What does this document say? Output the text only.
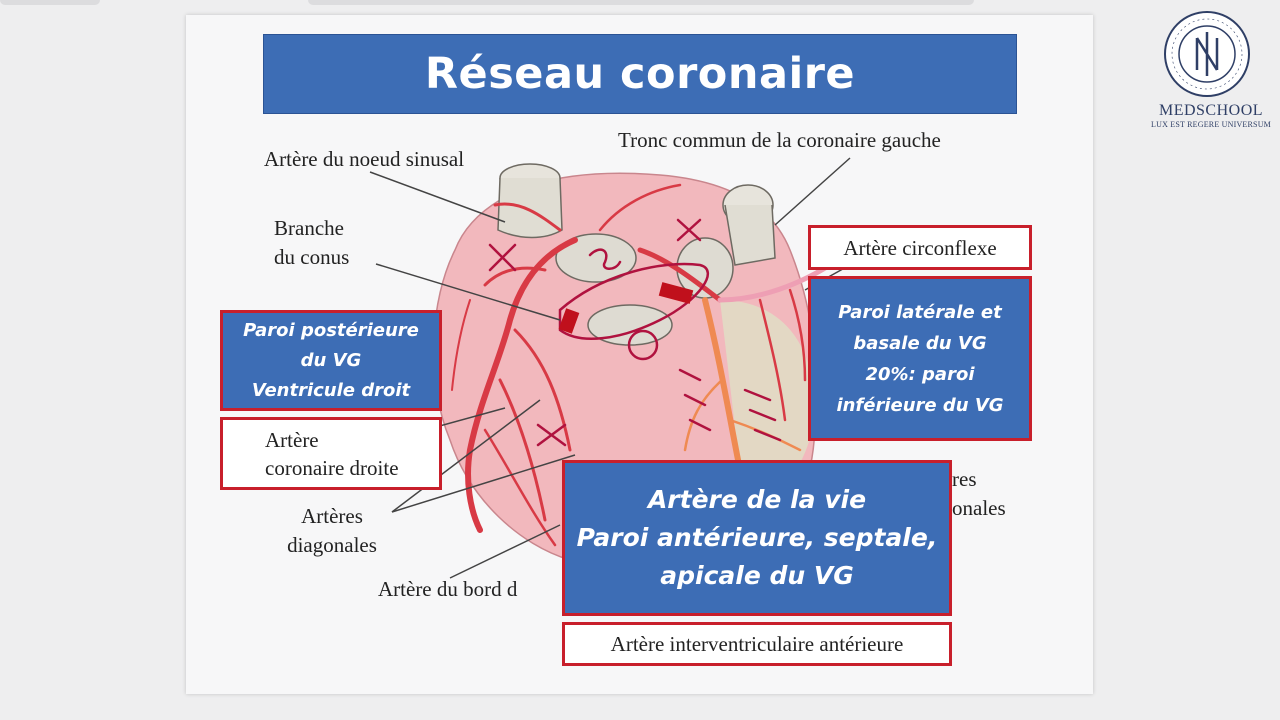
Réseau coronaire
Artère du noeud sinusal
Tronc commun de la coronaire gauche
Branche
du conus	Artère circonflexe
Paroi postérieure
du VG
Ventricule droit
Paroi latérale et
basale du VG
20%: paroi
inférieure du VG
Artère
coronaire droite
Artères
diagonales
Artère du bord d
res
onales
Artère de la vie
Paroi antérieure, septale,
apicale du VG
Artère interventriculaire antérieure
MEDSCHOOL
LUX EST REGERE UNIVERSUM
